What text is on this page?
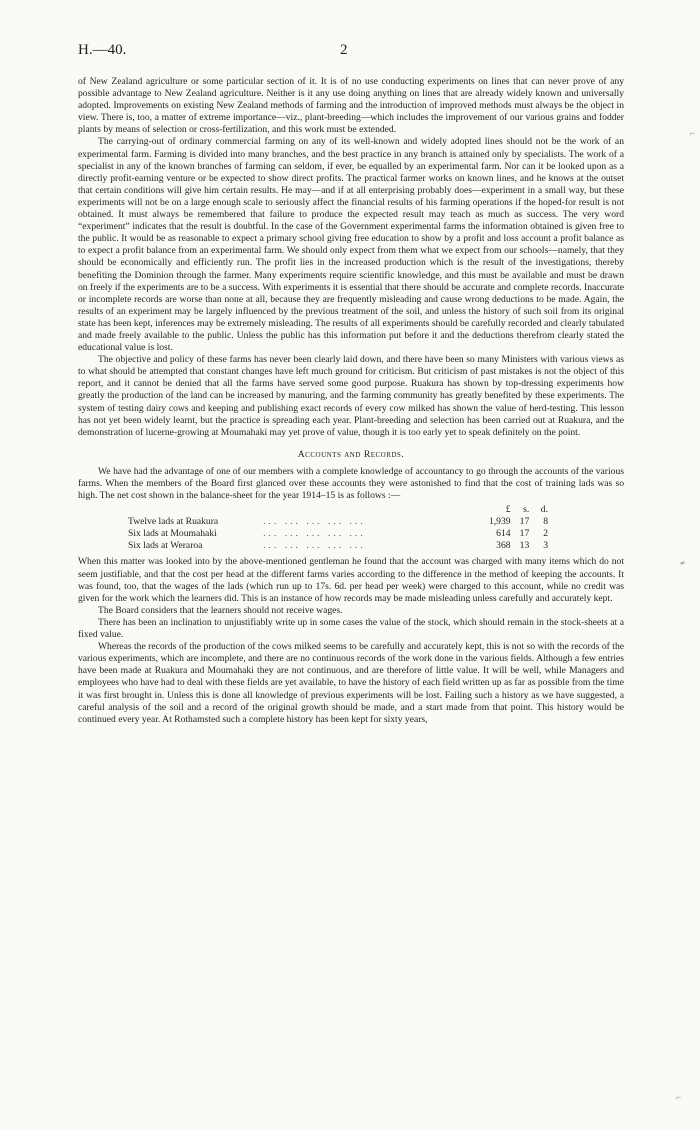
H.—40.	2

of New Zealand agriculture or some particular section of it. It is of no use conducting experiments on lines that can never prove of any possible advantage to New Zealand agriculture. Neither is it any use doing anything on lines that are already widely known and universally adopted. Improvements on existing New Zealand methods of farming and the introduction of improved methods must always be the object in view. There is, too, a matter of extreme importance—viz., plant-breeding—which includes the improvement of our various grains and fodder plants by means of selection or cross-fertilization, and this work must be extended.

The carrying-out of ordinary commercial farming on any of its well-known and widely adopted lines should not be the work of an experimental farm. Farming is divided into many branches, and the best practice in any branch is attained only by specialists. The work of a specialist in any of the known branches of farming can seldom, if ever, be equalled by an experimental farm. Nor can it be looked upon as a directly profit-earning venture or be expected to show direct profits. The practical farmer works on known lines, and he knows at the outset that certain conditions will give him certain results. He may—and if at all enterprising probably does—experiment in a small way, but these experiments will not be on a large enough scale to seriously affect the financial results of his farming operations if the hoped-for result is not obtained. It must always be remembered that failure to produce the expected result may teach as much as success. The very word “experiment” indicates that the result is doubtful. In the case of the Government experimental farms the information obtained is given free to the public. It would be as reasonable to expect a primary school giving free education to show by a profit and loss account a profit balance as to expect a profit balance from an experimental farm. We should only expect from them what we expect from our schools—namely, that they should be economically and efficiently run. The profit lies in the increased production which is the result of the investigations, thereby benefiting the Dominion through the farmer. Many experiments require scientific knowledge, and this must be available and must be drawn on freely if the experiments are to be a success. With experiments it is essential that there should be accurate and complete records. Inaccurate or incomplete records are worse than none at all, because they are frequently misleading and cause wrong deductions to be made. Again, the results of an experiment may be largely influenced by the previous treatment of the soil, and unless the history of such soil from its original state has been kept, inferences may be extremely misleading. The results of all experiments should be carefully recorded and clearly tabulated and made freely available to the public. Unless the public has this information put before it and the deductions therefrom clearly stated the educational value is lost.

The objective and policy of these farms has never been clearly laid down, and there have been so many Ministers with various views as to what should be attempted that constant changes have left much ground for criticism. But criticism of past mistakes is not the object of this report, and it cannot be denied that all the farms have served some good purpose. Ruakura has shown by top-dressing experiments how greatly the production of the land can be increased by manuring, and the farming community has greatly benefited by these experiments. The system of testing dairy cows and keeping and publishing exact records of every cow milked has shown the value of herd-testing. This lesson has not yet been widely learnt, but the practice is spreading each year. Plant-breeding and selection has been carried out at Ruakura, and the demonstration of lucerne-growing at Moumahaki may yet prove of value, though it is too early yet to speak definitely on the point.

Accounts and Records.

We have had the advantage of one of our members with a complete knowledge of accountancy to go through the accounts of the various farms. When the members of the Board first glanced over these accounts they were astonished to find that the cost of training lads was so high. The net cost shown in the balance-sheet for the year 1914–15 is as follows :—

		£	s.	d.
Twelve lads at Ruakura	... ... ... ... ...	1,939	17	8
Six lads at Moumahaki	... ... ... ... ...	614	17	2
Six lads at Weraroa	... ... ... ... ...	368	13	3

When this matter was looked into by the above-mentioned gentleman he found that the account was charged with many items which do not seem justifiable, and that the cost per head at the different farms varies according to the difference in the method of keeping the accounts. It was found, too, that the wages of the lads (which run up to 17s. 6d. per head per week) were charged to this account, while no credit was given for the work which the learners did. This is an instance of how records may be made misleading unless carefully and accurately kept.

The Board considers that the learners should not receive wages.

There has been an inclination to unjustifiably write up in some cases the value of the stock, which should remain in the stock-sheets at a fixed value.

Whereas the records of the production of the cows milked seems to be carefully and accurately kept, this is not so with the records of the various experiments, which are incomplete, and there are no continuous records of the work done in the various fields. Although a few entries have been made at Ruakura and Moumahaki they are not continuous, and are therefore of little value. It will be well, while Managers and employees who have had to deal with these fields are yet available, to have the history of each field written up as far as possible from the time it was first brought in. Unless this is done all knowledge of previous experiments will be lost. Failing such a history as we have suggested, a careful analysis of the soil and a record of the original growth should be made, and a start made from that point. This history would be continued every year. At Rothamsted such a complete history has been kept for sixty years,

⌐
≠
⌐
